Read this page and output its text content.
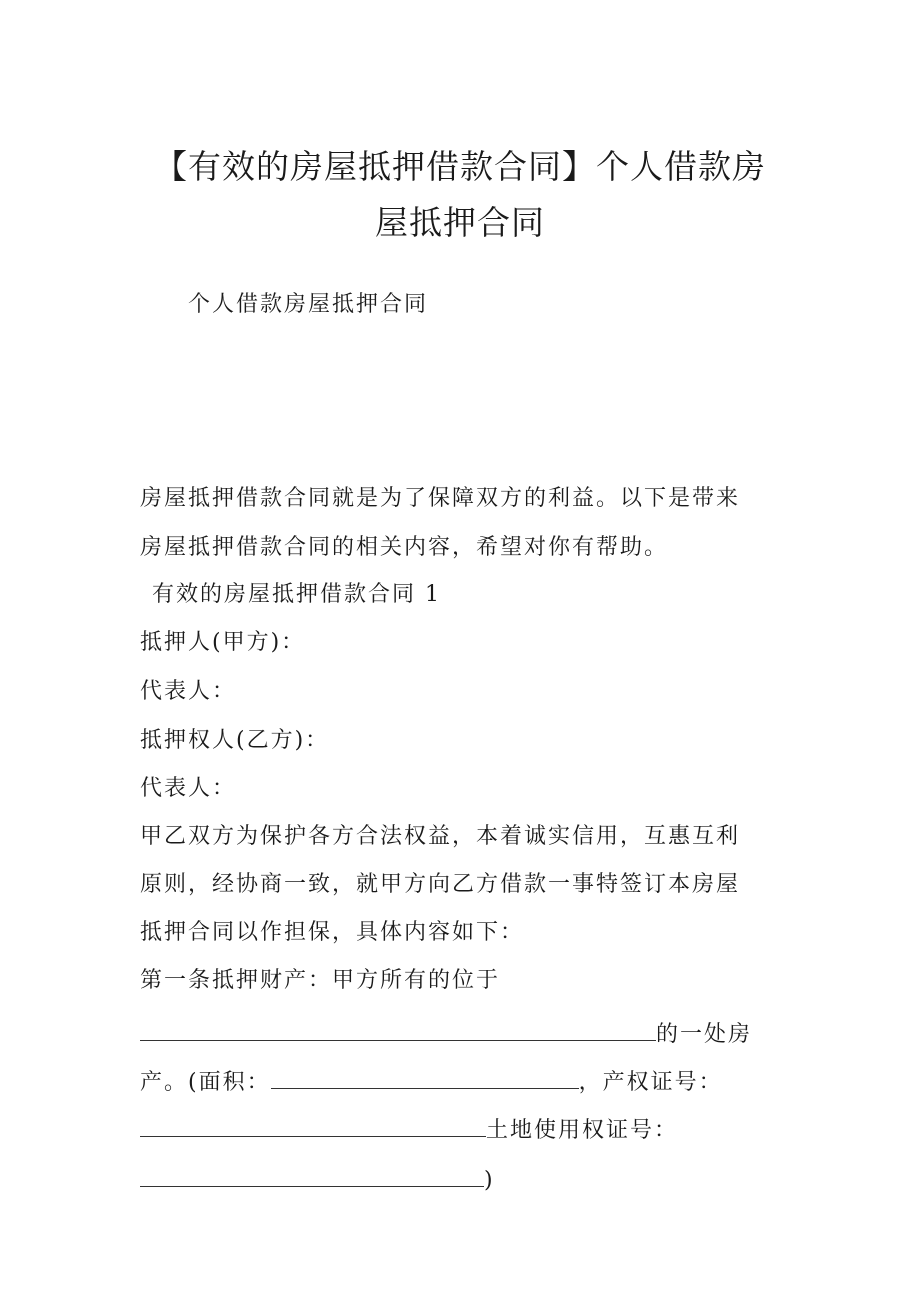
【有效的房屋抵押借款合同】个人借款房
屋抵押合同

个人借款房屋抵押合同

房屋抵押借款合同就是为了保障双方的利益。以下是带来

房屋抵押借款合同的相关内容，希望对你有帮助。

有效的房屋抵押借款合同 1

抵押人(甲方)：

代表人：

抵押权人(乙方)：

代表人：

甲乙双方为保护各方合法权益，本着诚实信用，互惠互利

原则，经协商一致，就甲方向乙方借款一事特签订本房屋

抵押合同以作担保，具体内容如下：

第一条抵押财产：甲方所有的位于

的一处房

产。(面积：	，产权证号：

土地使用权证号：

)
